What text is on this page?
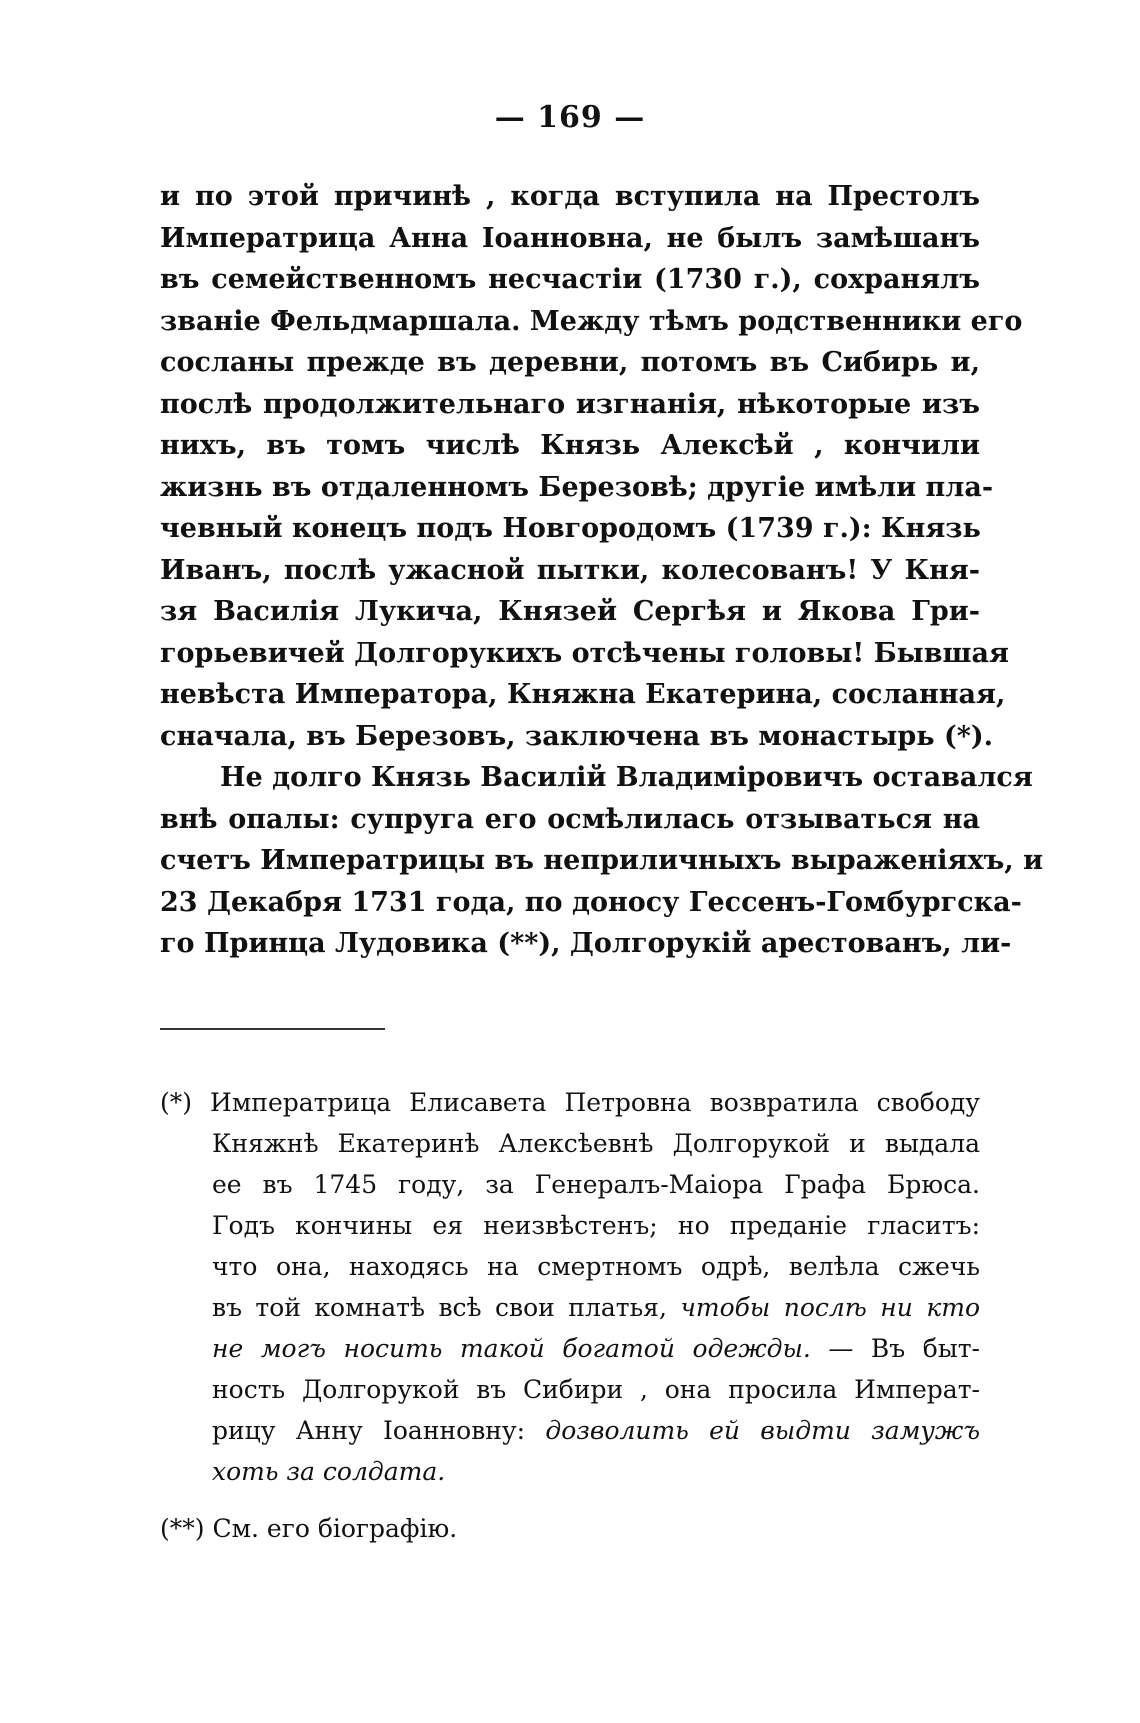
— 169 —
и по этой причинѣ , когда вступила на Престолъ
Императрица Анна Іоанновна, не былъ замѣшанъ
въ семейственномъ несчастіи (1730 г.), сохранялъ
званіе Фельдмаршала. Между тѣмъ родственники его
сосланы прежде въ деревни, потомъ въ Сибирь и,
послѣ продолжительнаго изгнанія, нѣкоторые изъ
нихъ, въ томъ числѣ Князь Алексѣй , кончили
жизнь въ отдаленномъ Березовѣ; другіе имѣли пла-
чевный конецъ подъ Новгородомъ (1739 г.): Князь
Иванъ, послѣ ужасной пытки, колесованъ! У Кня-
зя Василія Лукича, Князей Сергѣя и Якова Гри-
горьевичей Долгорукихъ отсѣчены головы! Бывшая
невѣста Императора, Княжна Екатерина, сосланная,
сначала, въ Березовъ, заключена въ монастырь (*).
Не долго Князь Василій Владиміровичъ оставался
внѣ опалы: супруга его осмѣлилась отзываться на
счетъ Императрицы въ неприличныхъ выраженіяхъ, и
23 Декабря 1731 года, по доносу Гессенъ-Гомбургска-
го Принца Лудовика (**), Долгорукій арестованъ, ли-
(*) Императрица Елисавета Петровна возвратила свободу
Княжнѣ Екатеринѣ Алексѣевнѣ Долгорукой и выдала
ее въ 1745 году, за Генералъ-Маіора Графа Брюса.
Годъ кончины ея неизвѣстенъ; но преданіе гласитъ:
что она, находясь на смертномъ одрѣ, велѣла сжечь
въ той комнатѣ всѣ свои платья, чтобы послѣ ни кто
не могъ носить такой богатой одежды. — Въ быт-
ность Долгорукой въ Сибири , она просила Императ-
рицу Анну Іоанновну: дозволить ей выдти замужъ
хоть за солдата.
(**) См. его біографію.
